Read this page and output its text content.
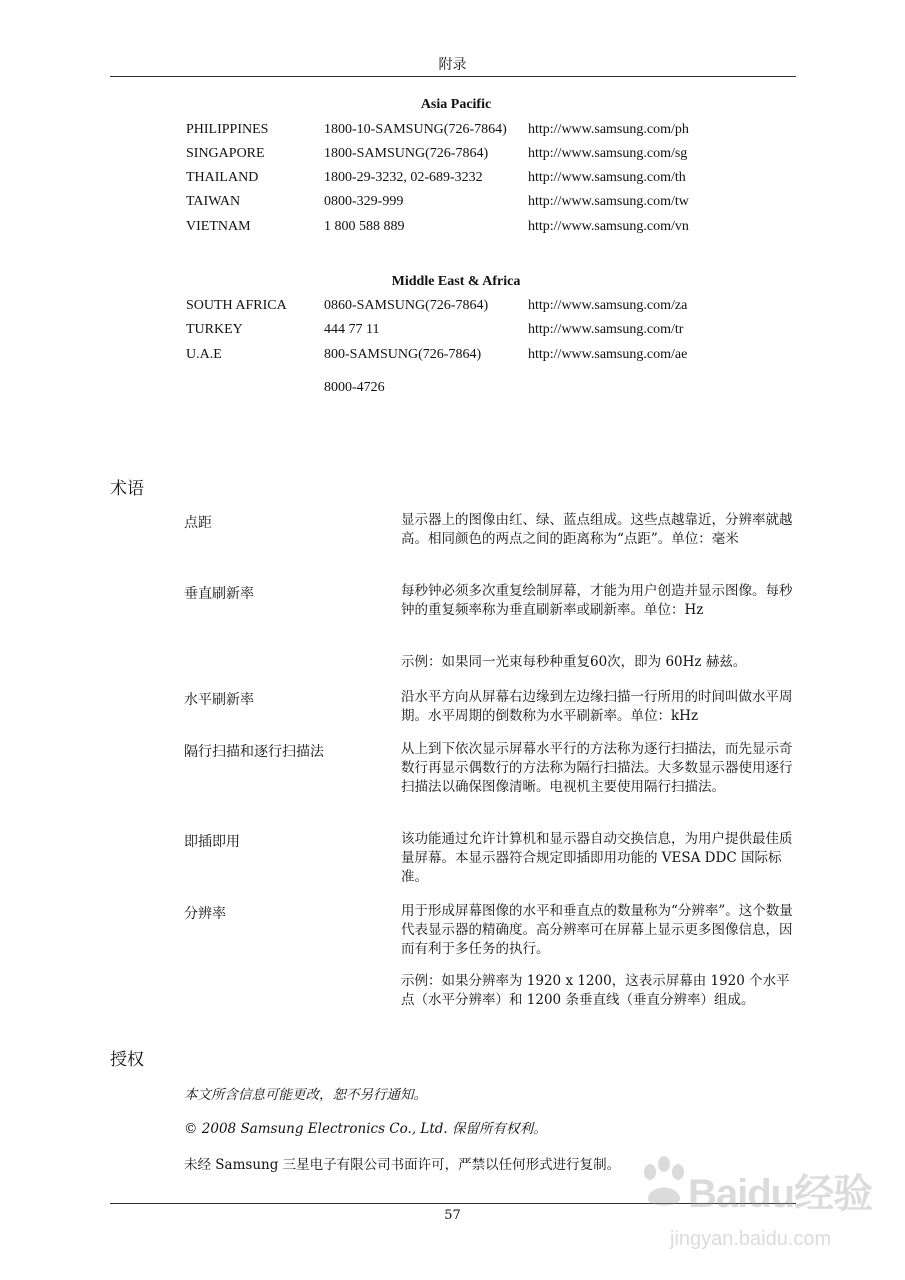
附录
Asia Pacific
PHILIPPINES	1800-10-SAMSUNG(726-7864) http://www.samsung.com/ph
SINGAPORE	1800-SAMSUNG(726-7864)	http://www.samsung.com/sg
THAILAND	1800-29-3232, 02-689-3232	http://www.samsung.com/th
TAIWAN	0800-329-999	http://www.samsung.com/tw
VIETNAM	1 800 588 889	http://www.samsung.com/vn
Middle East & Africa
SOUTH AFRICA	0860-SAMSUNG(726-7864)	http://www.samsung.com/za
TURKEY	444 77 11	http://www.samsung.com/tr
U.A.E	800-SAMSUNG(726-7864)	http://www.samsung.com/ae
8000-4726
术语
点距	显示器上的图像由红、绿、蓝点组成。这些点越靠近，分辨率就越高。相同颜色的两点之间的距离称为“点距”。单位：毫米
垂直刷新率	每秒钟必须多次重复绘制屏幕，才能为用户创造并显示图像。每秒钟的重复频率称为垂直刷新率或刷新率。单位：Hz
示例：如果同一光束每秒种重复60次，即为 60Hz 赫兹。
水平刷新率	沿水平方向从屏幕右边缘到左边缘扫描一行所用的时间叫做水平周期。水平周期的倒数称为水平刷新率。单位：kHz
隔行扫描和逐行扫描法	从上到下依次显示屏幕水平行的方法称为逐行扫描法，而先显示奇数行再显示偶数行的方法称为隔行扫描法。大多数显示器使用逐行扫描法以确保图像清晰。电视机主要使用隔行扫描法。
即插即用	该功能通过允许计算机和显示器自动交换信息，为用户提供最佳质量屏幕。本显示器符合规定即插即用功能的 VESA DDC 国际标准。
分辨率	用于形成屏幕图像的水平和垂直点的数量称为“分辨率”。这个数量代表显示器的精确度。高分辨率可在屏幕上显示更多图像信息，因而有利于多任务的执行。
示例：如果分辨率为 1920 x 1200，这表示屏幕由 1920 个水平点（水平分辨率）和 1200 条垂直线（垂直分辨率）组成。
授权
本文所含信息可能更改，恕不另行通知。
© 2008 Samsung Electronics Co., Ltd. 保留所有权利。
未经 Samsung 三星电子有限公司书面许可，严禁以任何形式进行复制。
57	Baidu经验
jingyan.baidu.com
